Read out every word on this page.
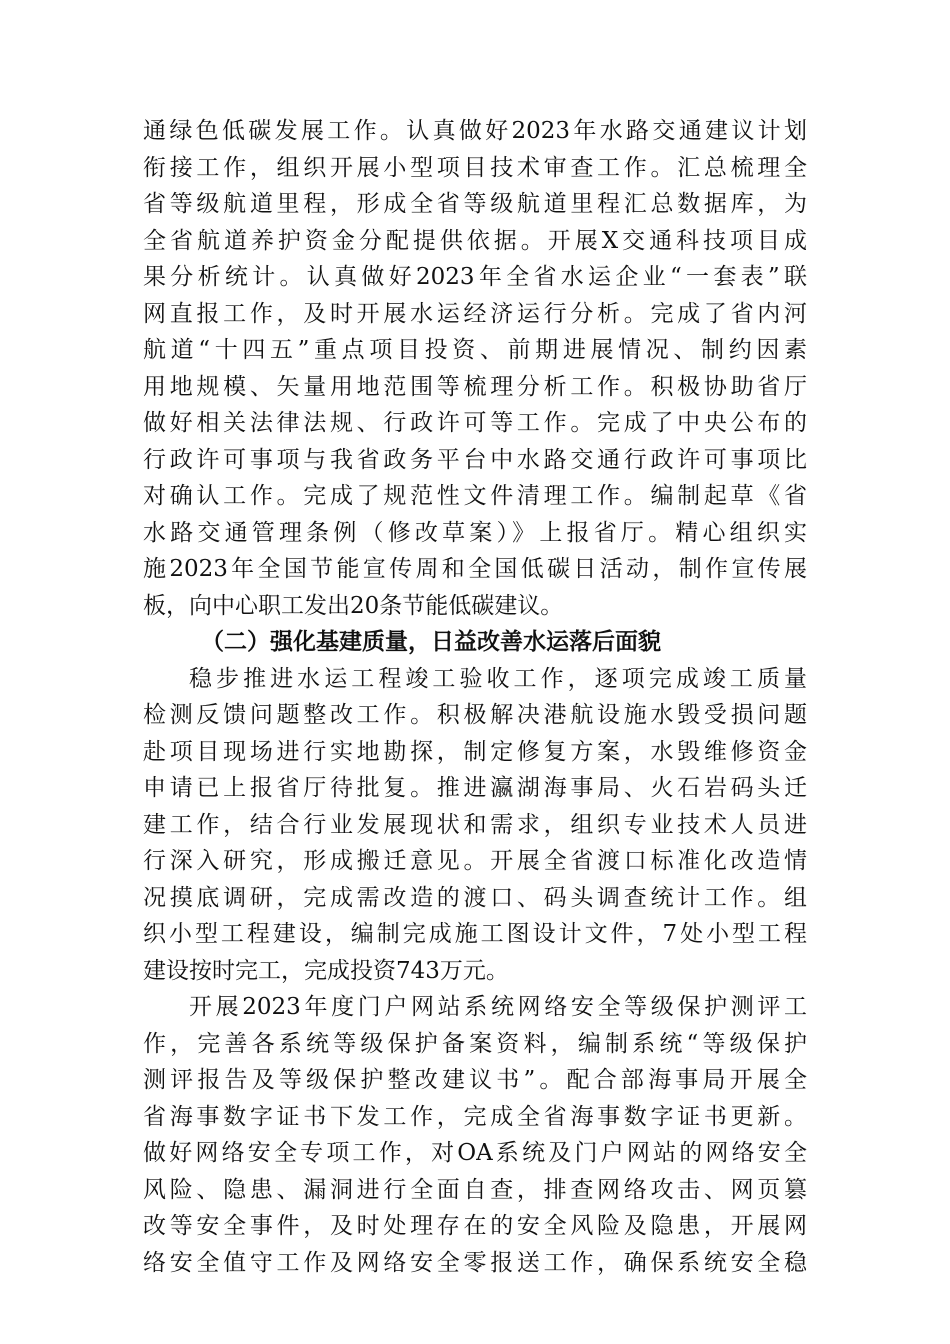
通绿色低碳发展工作。认真做好2023年水路交通建议计划
衔接工作，组织开展小型项目技术审查工作。汇总梳理全
省等级航道里程，形成全省等级航道里程汇总数据库，为
全省航道养护资金分配提供依据。开展X交通科技项目成
果分析统计。认真做好2023年全省水运企业“一套表”联
网直报工作，及时开展水运经济运行分析。完成了省内河
航道“十四五”重点项目投资、前期进展情况、制约因素
用地规模、矢量用地范围等梳理分析工作。积极协助省厅
做好相关法律法规、行政许可等工作。完成了中央公布的
行政许可事项与我省政务平台中水路交通行政许可事项比
对确认工作。完成了规范性文件清理工作。编制起草《省
水路交通管理条例（修改草案）》上报省厅。精心组织实
施2023年全国节能宣传周和全国低碳日活动，制作宣传展
板，向中心职工发出20条节能低碳建议。
（二）强化基建质量，日益改善水运落后面貌
稳步推进水运工程竣工验收工作，逐项完成竣工质量
检测反馈问题整改工作。积极解决港航设施水毁受损问题
赴项目现场进行实地勘探，制定修复方案，水毁维修资金
申请已上报省厅待批复。推进瀛湖海事局、火石岩码头迁
建工作，结合行业发展现状和需求，组织专业技术人员进
行深入研究，形成搬迁意见。开展全省渡口标准化改造情
况摸底调研，完成需改造的渡口、码头调查统计工作。组
织小型工程建设，编制完成施工图设计文件，7处小型工程
建设按时完工，完成投资743万元。
开展2023年度门户网站系统网络安全等级保护测评工
作，完善各系统等级保护备案资料，编制系统“等级保护
测评报告及等级保护整改建议书”。配合部海事局开展全
省海事数字证书下发工作，完成全省海事数字证书更新。
做好网络安全专项工作，对OA系统及门户网站的网络安全
风险、隐患、漏洞进行全面自查，排查网络攻击、网页篡
改等安全事件，及时处理存在的安全风险及隐患，开展网
络安全值守工作及网络安全零报送工作，确保系统安全稳
